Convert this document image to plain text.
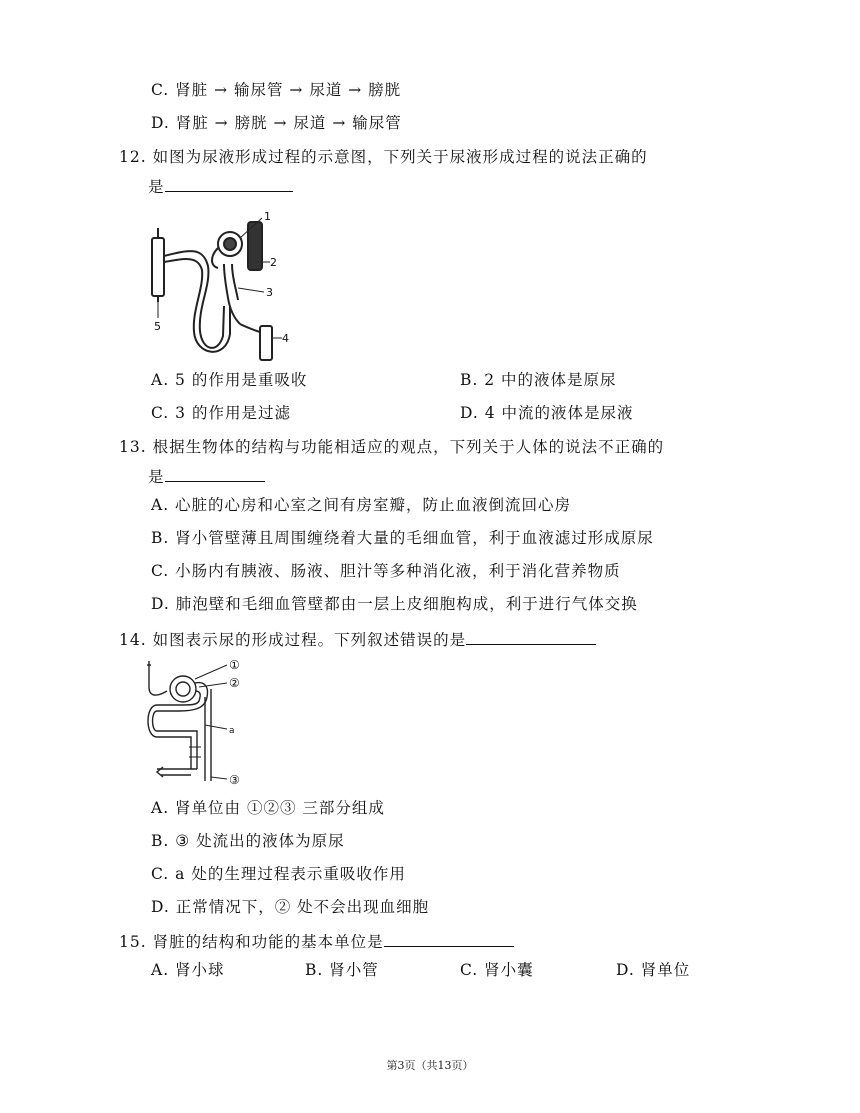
C. 肾脏 → 输尿管 → 尿道 → 膀胱
D. 肾脏 → 膀胱 → 尿道 → 输尿管
12. 如图为尿液形成过程的示意图，下列关于尿液形成过程的说法正确的
是
1
2
3
4
5
A. 5 的作用是重吸收	B. 2 中的液体是原尿
C. 3 的作用是过滤	D. 4 中流的液体是尿液
13. 根据生物体的结构与功能相适应的观点，下列关于人体的说法不正确的
是
A. 心脏的心房和心室之间有房室瓣，防止血液倒流回心房
B. 肾小管壁薄且周围缠绕着大量的毛细血管，利于血液滤过形成原尿
C. 小肠内有胰液、肠液、胆汁等多种消化液，利于消化营养物质
D. 肺泡壁和毛细血管壁都由一层上皮细胞构成，利于进行气体交换
14. 如图表示尿的形成过程。下列叙述错误的是
①
②
a
③
A. 肾单位由 ①②③ 三部分组成
B. ③ 处流出的液体为原尿
C. a 处的生理过程表示重吸收作用
D. 正常情况下，② 处不会出现血细胞
15. 肾脏的结构和功能的基本单位是
A. 肾小球	B. 肾小管	C. 肾小囊	D. 肾单位
第3页（共13页）
